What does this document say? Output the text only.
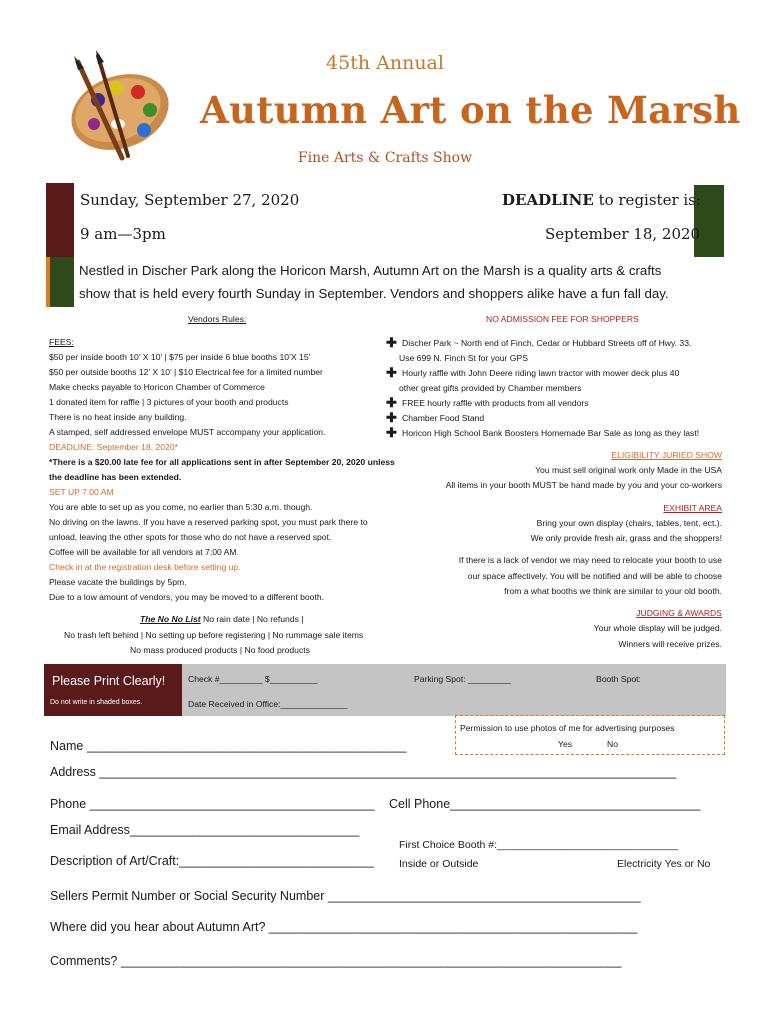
45th Annual
Autumn Art on the Marsh
Fine Arts & Crafts Show
Sunday, September 27, 2020
9 am—3pm
DEADLINE to register is:
September 18, 2020
Nestled in Discher Park along the Horicon Marsh, Autumn Art on the Marsh is a quality arts & crafts
show that is held every fourth Sunday in September. Vendors and shoppers alike have a fun fall day.
Vendors Rules:
FEES:
$50 per inside booth 10’ X 10’ | $75 per inside 6 blue booths 10’X 15’
$50 per outside booths 12’ X 10’ | $10 Electrical fee for a limited number
Make checks payable to Horicon Chamber of Commerce
1 donated item for raffle | 3 pictures of your booth and products
There is no heat inside any building.
A stamped, self addressed envelope MUST accompany your application.
DEADLINE: September 18, 2020*
*There is a $20.00 late fee for all applications sent in after September 20, 2020 unless
the deadline has been extended.
SET UP 7:00 AM
You are able to set up as you come, no earlier than 5:30 a.m. though.
No driving on the lawns. If you have a reserved parking spot, you must park there to
unload, leaving the other spots for those who do not have a reserved spot.
Coffee will be available for all vendors at 7:00 AM.
Check in at the registration desk before setting up.
Please vacate the buildings by 5pm.
Due to a low amount of vendors, you may be moved to a different booth.
The No No List No rain date | No refunds |
No trash left behind | No setting up before registering | No rummage sale items
No mass produced products | No food products
NO ADMISSION FEE FOR SHOPPERS
✚ Discher Park ~ North end of Finch, Cedar or Hubbard Streets off of Hwy. 33.
Use 699 N. Finch St for your GPS
✚ Hourly raffle with John Deere riding lawn tractor with mower deck plus 40
other great gifts provided by Chamber members
✚ FREE hourly raffle with products from all vendors
✚ Chamber Food Stand
✚ Horicon High School Bank Boosters Homemade Bar Sale as long as they last!
ELIGIBILITY JURIED SHOW
You must sell original work only Made in the USA
All items in your booth MUST be hand made by you and your co-workers
EXHIBIT AREA
Bring your own display (chairs, tables, tent, ect.).
We only provide fresh air, grass and the shoppers!
If there is a lack of vendor we may need to relocate your booth to use
our space affectively. You will be notified and will be able to choose
from a what booths we think are similar to your old booth.
JUDGING & AWARDS
Your whole display will be judged.
Winners will receive prizes.
Please Print Clearly!
Do not write in shaded boxes.
Check #_________ $__________	Parking Spot: _________	Booth Spot:
Date Received in Office:______________
Permission to use photos of me for advertising purposes
Yes	No
Name ______________________________________________
Address ___________________________________________________________________________________
Phone _________________________________________ Cell Phone____________________________________
Email Address_________________________________
First Choice Booth #:_______________________________
Description of Art/Craft:____________________________ Inside or Outside	Electricity Yes or No
Sellers Permit Number or Social Security Number _____________________________________________
Where did you hear about Autumn Art? _____________________________________________________
Comments? ________________________________________________________________________
